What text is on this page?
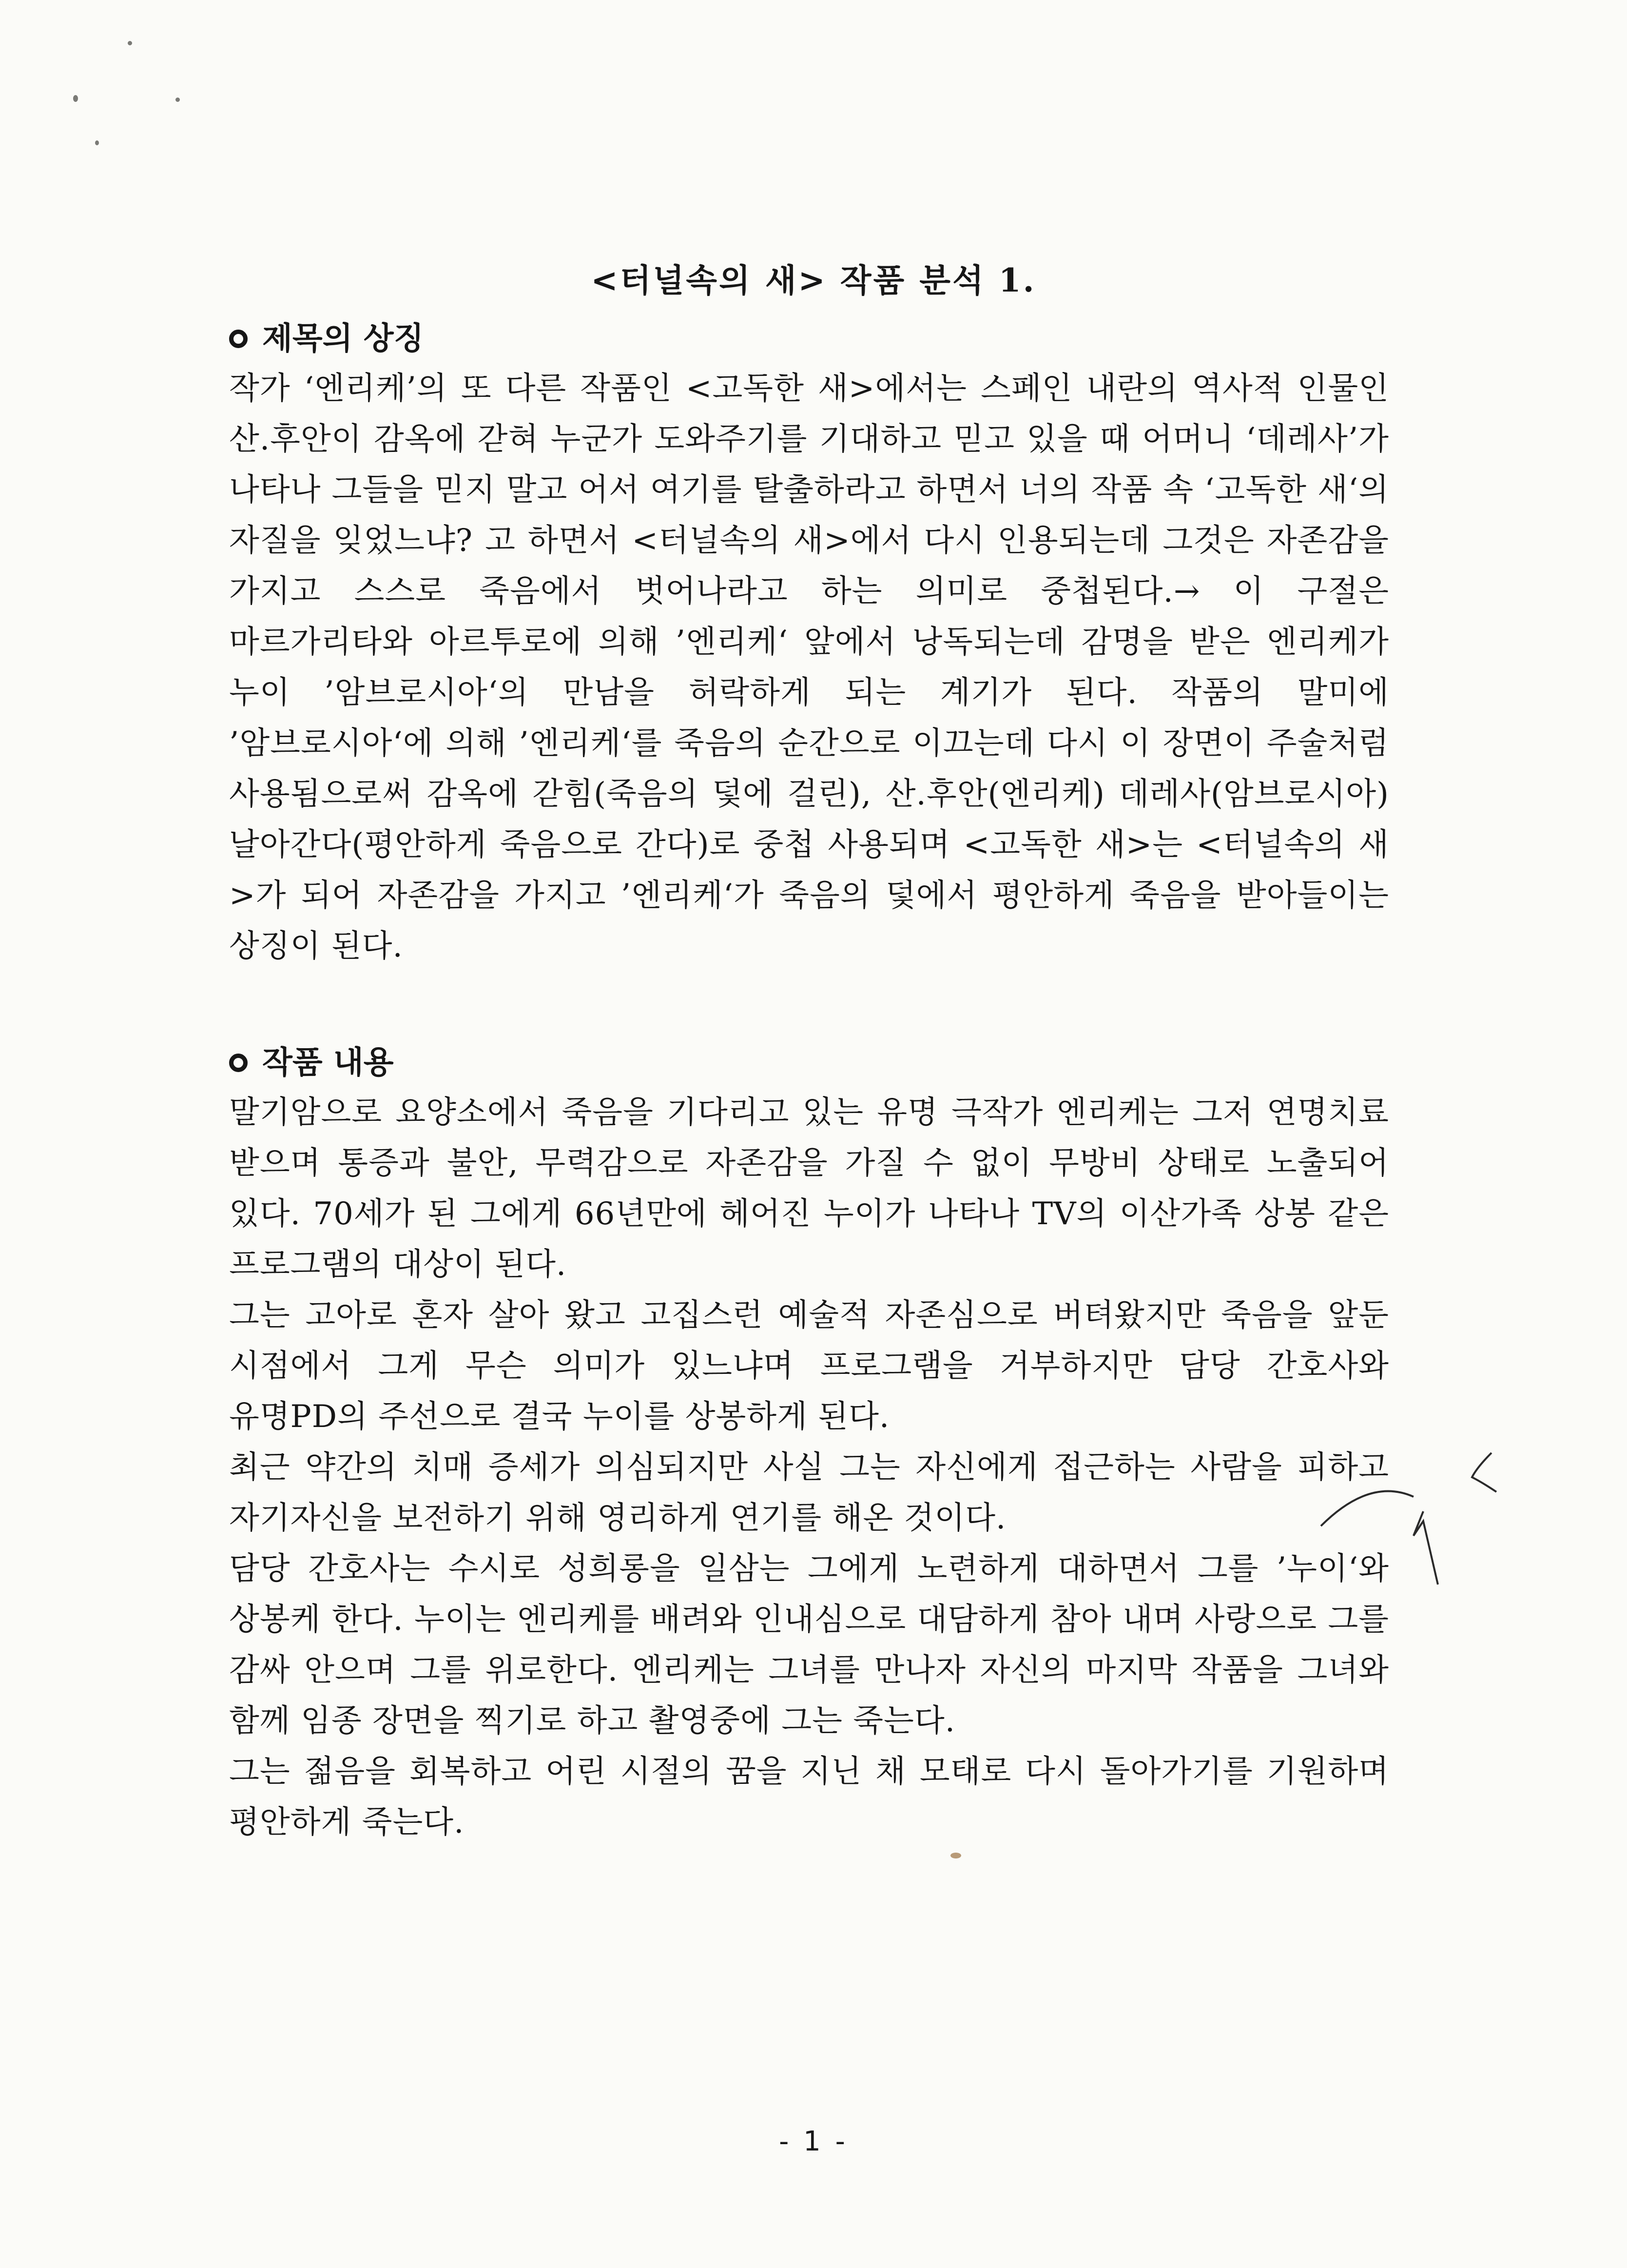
<터널속의 새> 작품 분석 1.
제목의 상징

작가 ‘엔리케’의 또 다른 작품인 <고독한 새>에서는 스페인 내란의 역사적 인물인 산.후안이 감옥에 갇혀 누군가 도와주기를 기대하고 믿고 있을 때 어머니 ‘데레사’가 나타나 그들을 믿지 말고 어서 여기를 탈출하라고 하면서 너의 작품 속 ‘고독한 새‘의 자질을 잊었느냐? 고 하면서 <터널속의 새>에서 다시 인용되는데 그것은 자존감을 가지고 스스로 죽음에서 벗어나라고 하는 의미로 중첩된다.→ 이 구절은 마르가리타와 아르투로에 의해 ’엔리케‘ 앞에서 낭독되는데 감명을 받은 엔리케가 누이 ’암브로시아‘의 만남을 허락하게 되는 계기가 된다. 작품의 말미에 ’암브로시아‘에 의해 ’엔리케‘를 죽음의 순간으로 이끄는데 다시 이 장면이 주술처럼 사용됨으로써 감옥에 갇힘(죽음의 덫에 걸린), 산.후안(엔리케) 데레사(암브로시아) 날아간다(평안하게 죽음으로 간다)로 중첩 사용되며 <고독한 새>는 <터널속의 새>가 되어 자존감을 가지고 ’엔리케‘가 죽음의 덫에서 평안하게 죽음을 받아들이는 상징이 된다.

작품 내용

말기암으로 요양소에서 죽음을 기다리고 있는 유명 극작가 엔리케는 그저 연명치료 받으며 통증과 불안, 무력감으로 자존감을 가질 수 없이 무방비 상태로 노출되어 있다. 70세가 된 그에게 66년만에 헤어진 누이가 나타나 TV의 이산가족 상봉 같은 프로그램의 대상이 된다.

그는 고아로 혼자 살아 왔고 고집스런 예술적 자존심으로 버텨왔지만 죽음을 앞둔 시점에서 그게 무슨 의미가 있느냐며 프로그램을 거부하지만 담당 간호사와 유명PD의 주선으로 결국 누이를 상봉하게 된다.

최근 약간의 치매 증세가 의심되지만 사실 그는 자신에게 접근하는 사람을 피하고 자기자신을 보전하기 위해 영리하게 연기를 해온 것이다.

담당 간호사는 수시로 성희롱을 일삼는 그에게 노련하게 대하면서 그를 ’누이‘와 상봉케 한다. 누이는 엔리케를 배려와 인내심으로 대담하게 참아 내며 사랑으로 그를 감싸 안으며 그를 위로한다. 엔리케는 그녀를 만나자 자신의 마지막 작품을 그녀와 함께 임종 장면을 찍기로 하고 촬영중에 그는 죽는다.

그는 젊음을 회복하고 어린 시절의 꿈을 지닌 채 모태로 다시 돌아가기를 기원하며 평안하게 죽는다.

- 1 -
